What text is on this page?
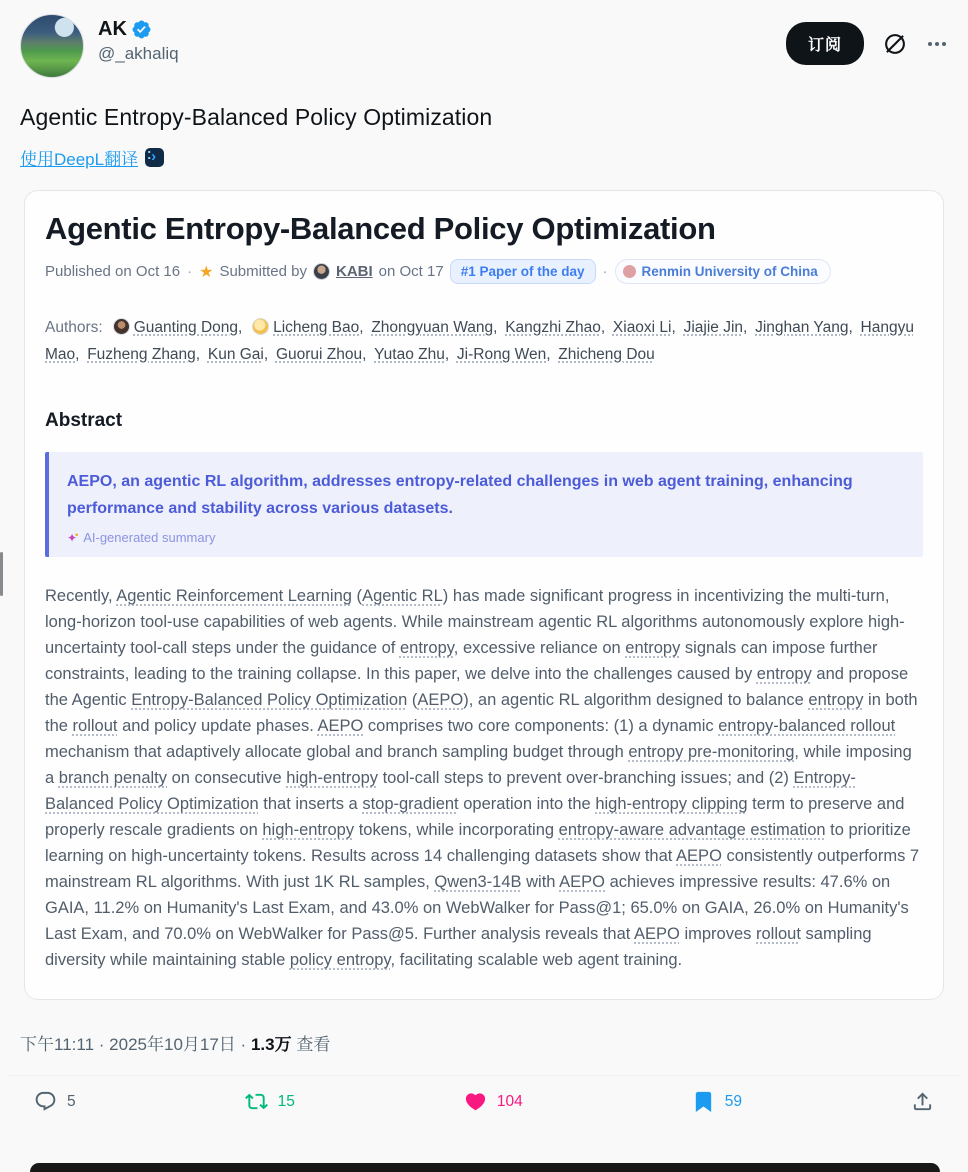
AK
@_akhaliq	订阅
Agentic Entropy-Balanced Policy Optimization
使用DeepL翻译
› ⁚
Agentic Entropy-Balanced Policy Optimization
Published on Oct 16 · ★ Submitted by KABI on Oct 17	#1 Paper of the day	·	Renmin University of China
Authors: Guanting Dong, Licheng Bao, Zhongyuan Wang, Kangzhi Zhao, Xiaoxi Li, Jiajie Jin, Jinghan Yang, Hangyu Mao, Fuzheng Zhang, Kun Gai, Guorui Zhou, Yutao Zhu, Ji-Rong Wen, Zhicheng Dou
Abstract
AEPO, an agentic RL algorithm, addresses entropy-related challenges in web agent training, enhancing performance and stability across various datasets.
✦ • AI-generated summary
Recently, Agentic Reinforcement Learning (Agentic RL) has made significant progress in incentivizing the multi-turn, long-horizon tool-use capabilities of web agents. While mainstream agentic RL algorithms autonomously explore high-uncertainty tool-call steps under the guidance of entropy, excessive reliance on entropy signals can impose further constraints, leading to the training collapse. In this paper, we delve into the challenges caused by entropy and propose the Agentic Entropy-Balanced Policy Optimization (AEPO), an agentic RL algorithm designed to balance entropy in both the rollout and policy update phases. AEPO comprises two core components: (1) a dynamic entropy-balanced rollout mechanism that adaptively allocate global and branch sampling budget through entropy pre-monitoring, while imposing a branch penalty on consecutive high-entropy tool-call steps to prevent over-branching issues; and (2) Entropy-Balanced Policy Optimization that inserts a stop-gradient operation into the high-entropy clipping term to preserve and properly rescale gradients on high-entropy tokens, while incorporating entropy-aware advantage estimation to prioritize learning on high-uncertainty tokens. Results across 14 challenging datasets show that AEPO consistently outperforms 7 mainstream RL algorithms. With just 1K RL samples, Qwen3-14B with AEPO achieves impressive results: 47.6% on GAIA, 11.2% on Humanity's Last Exam, and 43.0% on WebWalker for Pass@1; 65.0% on GAIA, 26.0% on Humanity's Last Exam, and 70.0% on WebWalker for Pass@5. Further analysis reveals that AEPO improves rollout sampling diversity while maintaining stable policy entropy, facilitating scalable web agent training.
下午11:11 · 2025年10月17日 · 1.3万 查看
5	15	104	59
